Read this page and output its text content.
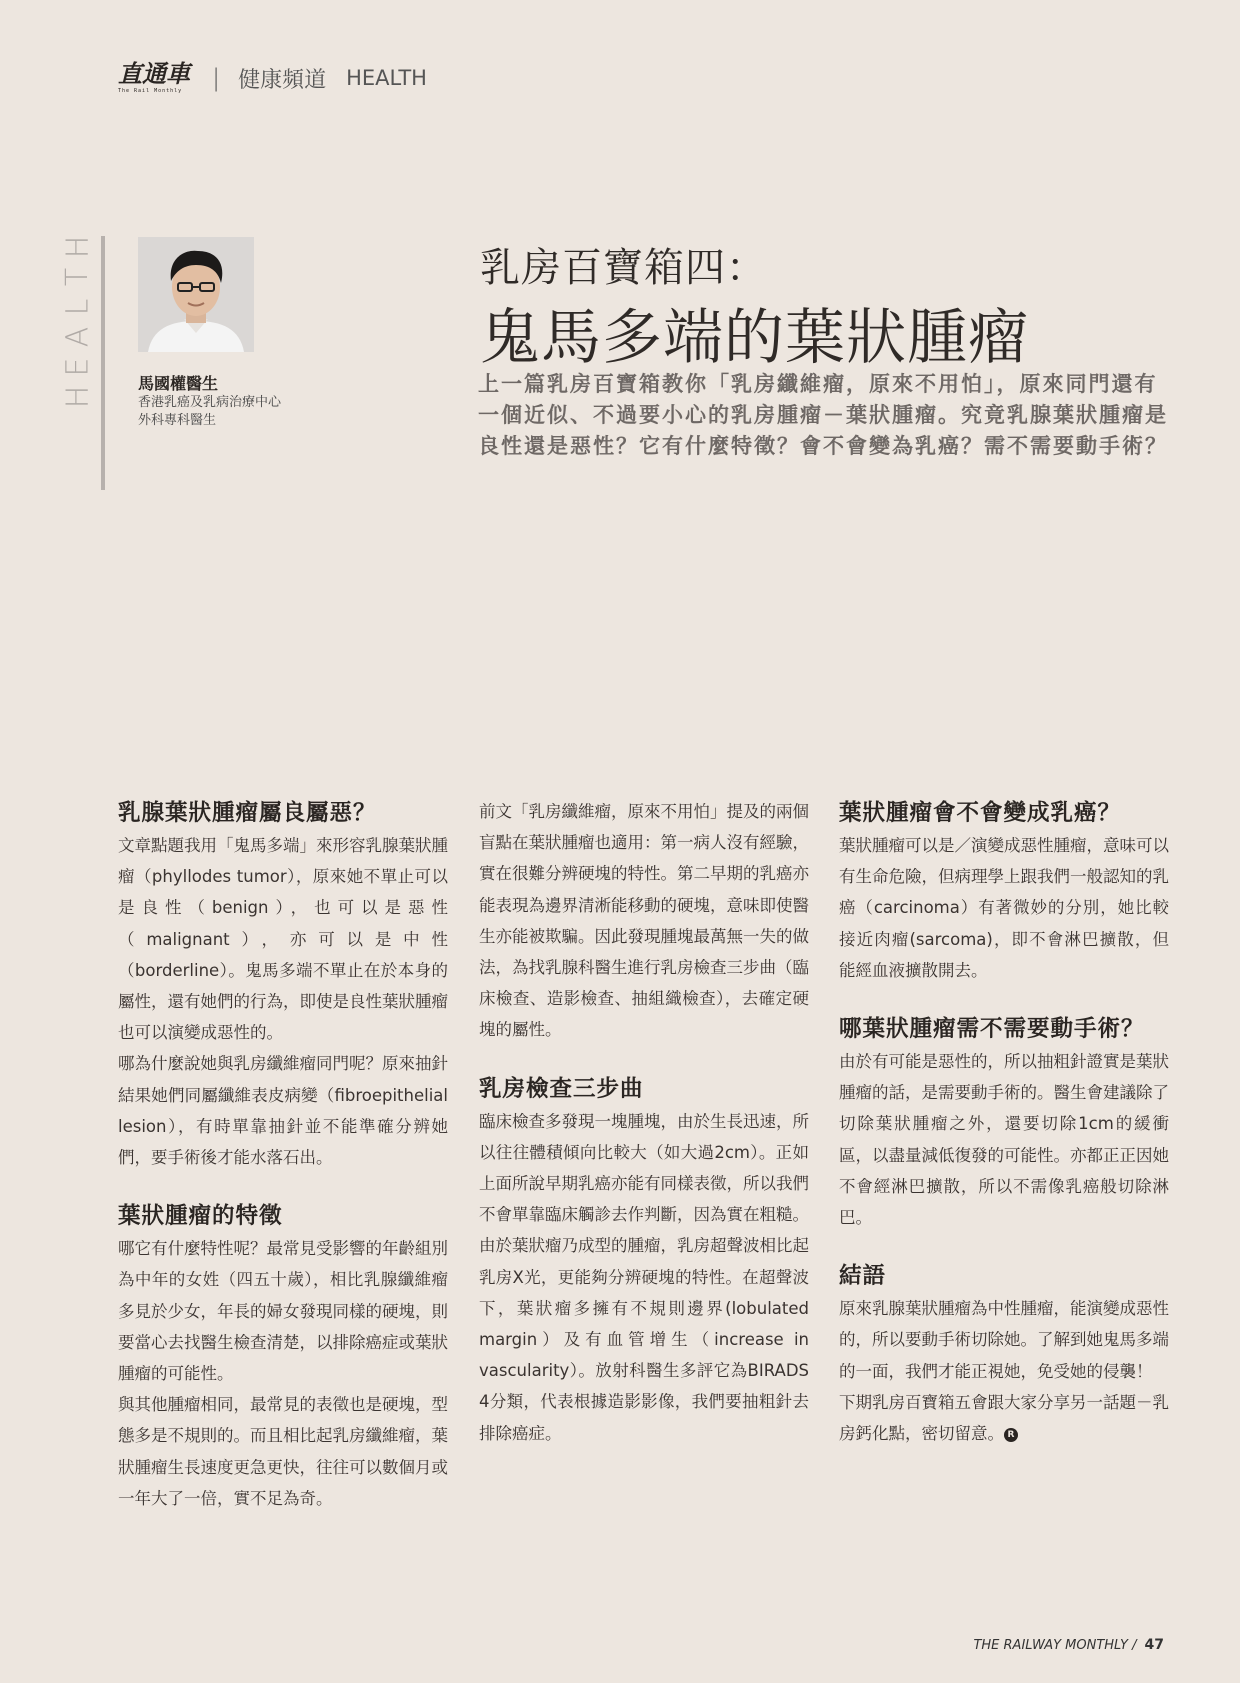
直通車
The Rail Monthly	| 健康頻道 HEALTH
H
T
L
A
E
H
馬國權醫生
香港乳癌及乳病治療中心
外科專科醫生
乳房百寶箱四：
鬼馬多端的葉狀腫瘤
上一篇乳房百寶箱教你「乳房纖維瘤，原來不用怕」，原來同門還有一個近似、不過要小心的乳房腫瘤－葉狀腫瘤。究竟乳腺葉狀腫瘤是良性還是惡性？它有什麼特徵？會不會變為乳癌？需不需要動手術？
乳腺葉狀腫瘤屬良屬惡？

文章點題我用「鬼馬多端」來形容乳腺葉狀腫瘤（phyllodes tumor），原來她不單止可以是良性（benign），也可以是惡性（malignant），亦可以是中性（borderline）。鬼馬多端不單止在於本身的屬性，還有她們的行為，即使是良性葉狀腫瘤也可以演變成惡性的。

哪為什麼說她與乳房纖維瘤同門呢？原來抽針結果她們同屬纖維表皮病變（fibroepithelial lesion），有時單靠抽針並不能準確分辨她們，要手術後才能水落石出。

葉狀腫瘤的特徵

哪它有什麼特性呢？最常見受影響的年齡組別為中年的女姓（四五十歲），相比乳腺纖維瘤多見於少女，年長的婦女發現同樣的硬塊，則要當心去找醫生檢查清楚，以排除癌症或葉狀腫瘤的可能性。

與其他腫瘤相同，最常見的表徵也是硬塊，型態多是不規則的。而且相比起乳房纖維瘤，葉狀腫瘤生長速度更急更快，往往可以數個月或一年大了一倍，實不足為奇。

前文「乳房纖維瘤，原來不用怕」提及的兩個盲點在葉狀腫瘤也適用：第一病人沒有經驗，實在很難分辨硬塊的特性。第二早期的乳癌亦能表現為邊界清淅能移動的硬塊，意味即使醫生亦能被欺騙。因此發現腫塊最萬無一失的做法，為找乳腺科醫生進行乳房檢查三步曲（臨床檢查、造影檢查、抽組織檢查），去確定硬塊的屬性。

乳房檢查三步曲

臨床檢查多發現一塊腫塊，由於生長迅速，所以往往體積傾向比較大（如大過2cm）。正如上面所說早期乳癌亦能有同樣表徵，所以我們不會單靠臨床觸診去作判斷，因為實在粗糙。

由於葉狀瘤乃成型的腫瘤，乳房超聲波相比起乳房X光，更能夠分辨硬塊的特性。在超聲波下，葉狀瘤多擁有不規則邊界(lobulated margin）及有血管增生（increase in vascularity）。放射科醫生多評它為BIRADS 4分類，代表根據造影影像，我們要抽粗針去排除癌症。

葉狀腫瘤會不會變成乳癌？

葉狀腫瘤可以是／演變成惡性腫瘤，意味可以有生命危險，但病理學上跟我們一般認知的乳癌（carcinoma）有著微妙的分別，她比較接近肉瘤(sarcoma)，即不會淋巴擴散，但能經血液擴散開去。

哪葉狀腫瘤需不需要動手術？

由於有可能是惡性的，所以抽粗針證實是葉狀腫瘤的話，是需要動手術的。醫生會建議除了切除葉狀腫瘤之外，還要切除1cm的緩衝區，以盡量減低復發的可能性。亦都正正因她不會經淋巴擴散，所以不需像乳癌般切除淋巴。

結語

原來乳腺葉狀腫瘤為中性腫瘤，能演變成惡性的，所以要動手術切除她。了解到她鬼馬多端的一面，我們才能正視她，免受她的侵襲！

下期乳房百寶箱五會跟大家分享另一話題－乳房鈣化點，密切留意。 R

THE RAILWAY MONTHLY / 47
